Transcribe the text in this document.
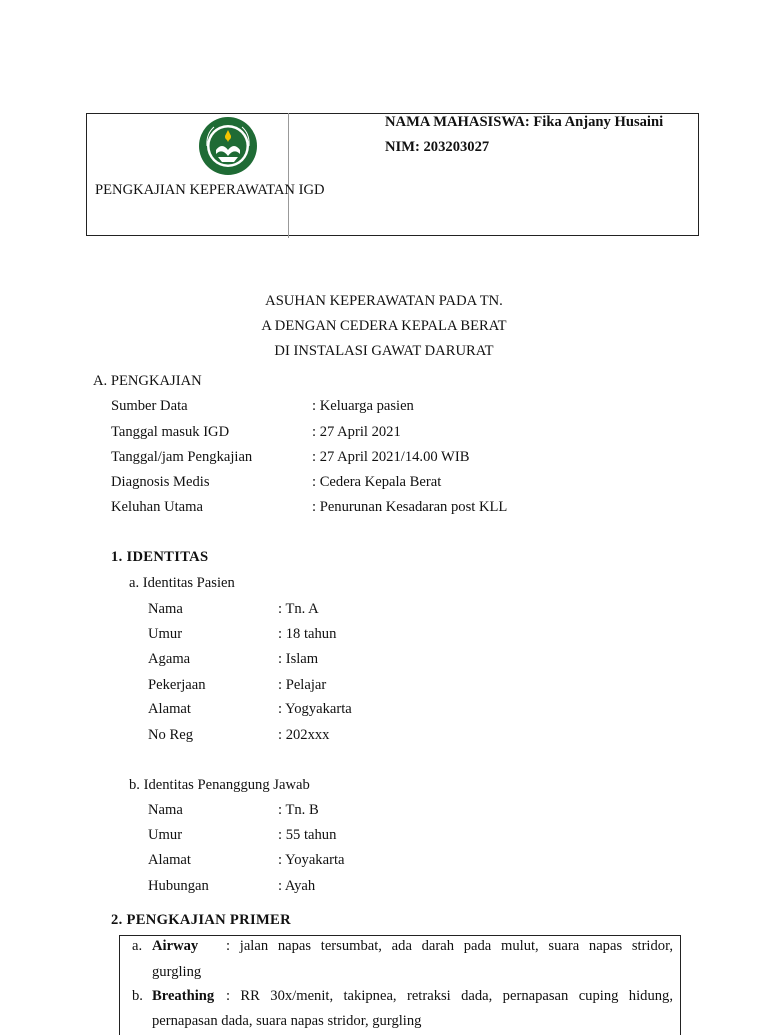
NAMA MAHASISWA: Fika Anjany Husaini
NIM: 203203027
PENGKAJIAN KEPERAWATAN IGD
ASUHAN KEPERAWATAN PADA TN.
A DENGAN CEDERA KEPALA BERAT
DI INSTALASI GAWAT DARURAT
A. PENGKAJIAN
Sumber Data	: Keluarga pasien
Tanggal masuk IGD	: 27 April 2021
Tanggal/jam Pengkajian	: 27 April 2021/14.00 WIB
Diagnosis Medis	: Cedera Kepala Berat
Keluhan Utama	: Penurunan Kesadaran post KLL
1. IDENTITAS
a. Identitas Pasien
Nama	: Tn. A
Umur	: 18 tahun
Agama	: Islam
Pekerjaan	: Pelajar
Alamat	: Yogyakarta
No Reg	: 202xxx
b. Identitas Penanggung Jawab
Nama	: Tn. B
Umur	: 55 tahun
Alamat	: Yoyakarta
Hubungan	: Ayah
2. PENGKAJIAN PRIMER
a. Airway : jalan napas tersumbat, ada darah pada mulut, suara napas stridor,
gurgling
b. Breathing : RR 30x/menit, takipnea, retraksi dada, pernapasan cuping hidung,
pernapasan dada, suara napas stridor, gurgling
